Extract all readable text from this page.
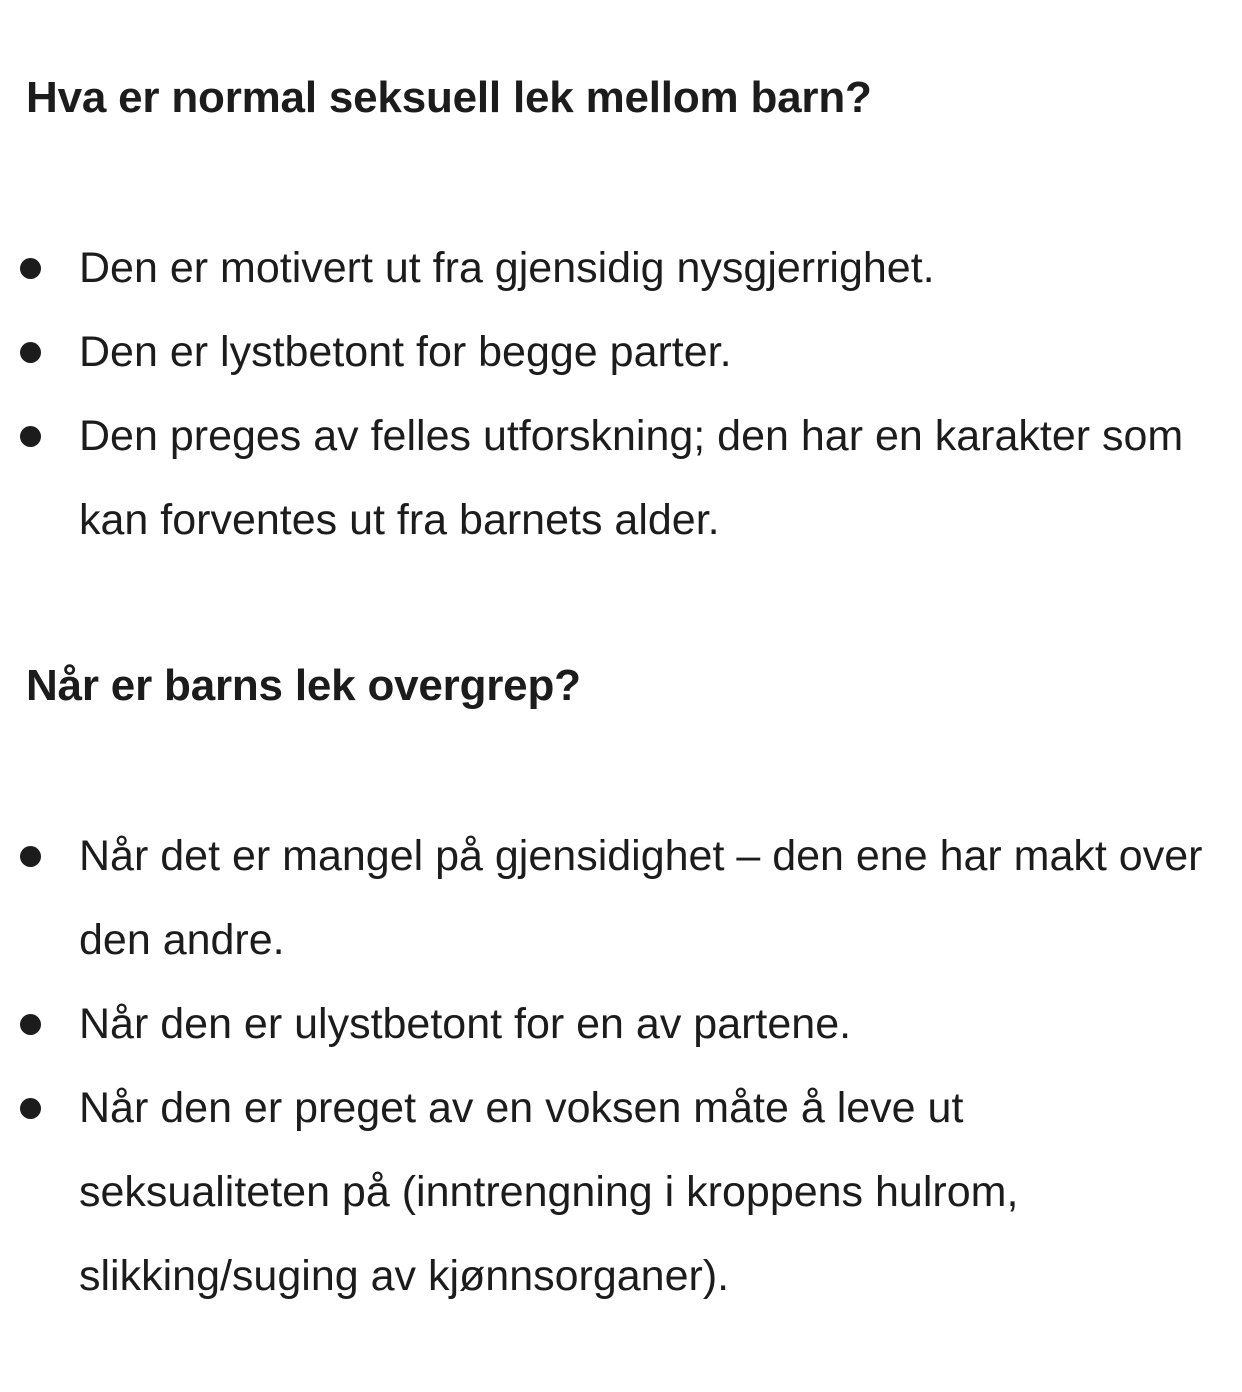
Hva er normal seksuell lek mellom barn?
Den er motivert ut fra gjensidig nysgjerrighet.
Den er lystbetont for begge parter.
Den preges av felles utforskning; den har en karakter som kan forventes ut fra barnets alder.
Når er barns lek overgrep?
Når det er mangel på gjensidighet – den ene har makt over den andre.
Når den er ulystbetont for en av partene.
Når den er preget av en voksen måte å leve ut seksualiteten på (inntrengning i kroppens hulrom, slikking/suging av kjønnsorganer).
